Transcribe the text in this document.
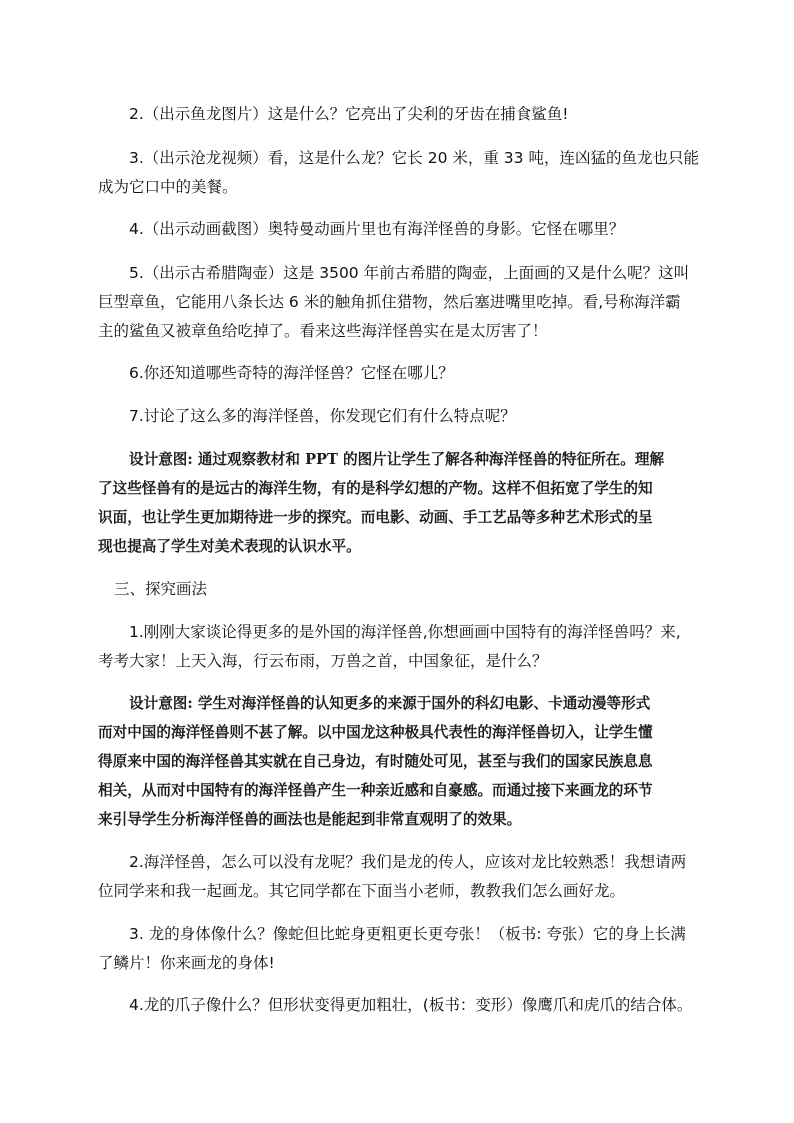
2.（出示鱼龙图片）这是什么？它亮出了尖利的牙齿在捕食鲨鱼!
3.（出示沧龙视频）看，这是什么龙？它长 20 米，重 33 吨，连凶猛的鱼龙也只能
成为它口中的美餐。
4.（出示动画截图）奥特曼动画片里也有海洋怪兽的身影。它怪在哪里？
5.（出示古希腊陶壶）这是 3500 年前古希腊的陶壶，上面画的又是什么呢？这叫
巨型章鱼，它能用八条长达 6 米的触角抓住猎物，然后塞进嘴里吃掉。看,号称海洋霸
主的鲨鱼又被章鱼给吃掉了。看来这些海洋怪兽实在是太厉害了！
6.你还知道哪些奇特的海洋怪兽？它怪在哪儿？
7.讨论了这么多的海洋怪兽，你发现它们有什么特点呢？
设计意图: 通过观察教材和 PPT 的图片让学生了解各种海洋怪兽的特征所在。理解
了这些怪兽有的是远古的海洋生物，有的是科学幻想的产物。这样不但拓宽了学生的知
识面，也让学生更加期待进一步的探究。而电影、动画、手工艺品等多种艺术形式的呈
现也提高了学生对美术表现的认识水平。
三、探究画法
1.刚刚大家谈论得更多的是外国的海洋怪兽,你想画画中国特有的海洋怪兽吗？来,
考考大家！上天入海，行云布雨，万兽之首，中国象征，是什么？
设计意图: 学生对海洋怪兽的认知更多的来源于国外的科幻电影、卡通动漫等形式
而对中国的海洋怪兽则不甚了解。以中国龙这种极具代表性的海洋怪兽切入，让学生懂
得原来中国的海洋怪兽其实就在自己身边，有时随处可见，甚至与我们的国家民族息息
相关，从而对中国特有的海洋怪兽产生一种亲近感和自豪感。而通过接下来画龙的环节
来引导学生分析海洋怪兽的画法也是能起到非常直观明了的效果。
2.海洋怪兽，怎么可以没有龙呢？我们是龙的传人，应该对龙比较熟悉！我想请两
位同学来和我一起画龙。其它同学都在下面当小老师，教教我们怎么画好龙。
3. 龙的身体像什么？像蛇但比蛇身更粗更长更夸张！（板书: 夸张）它的身上长满
了鳞片！你来画龙的身体!
4.龙的爪子像什么？但形状变得更加粗壮，(板书：变形）像鹰爪和虎爪的结合体。
